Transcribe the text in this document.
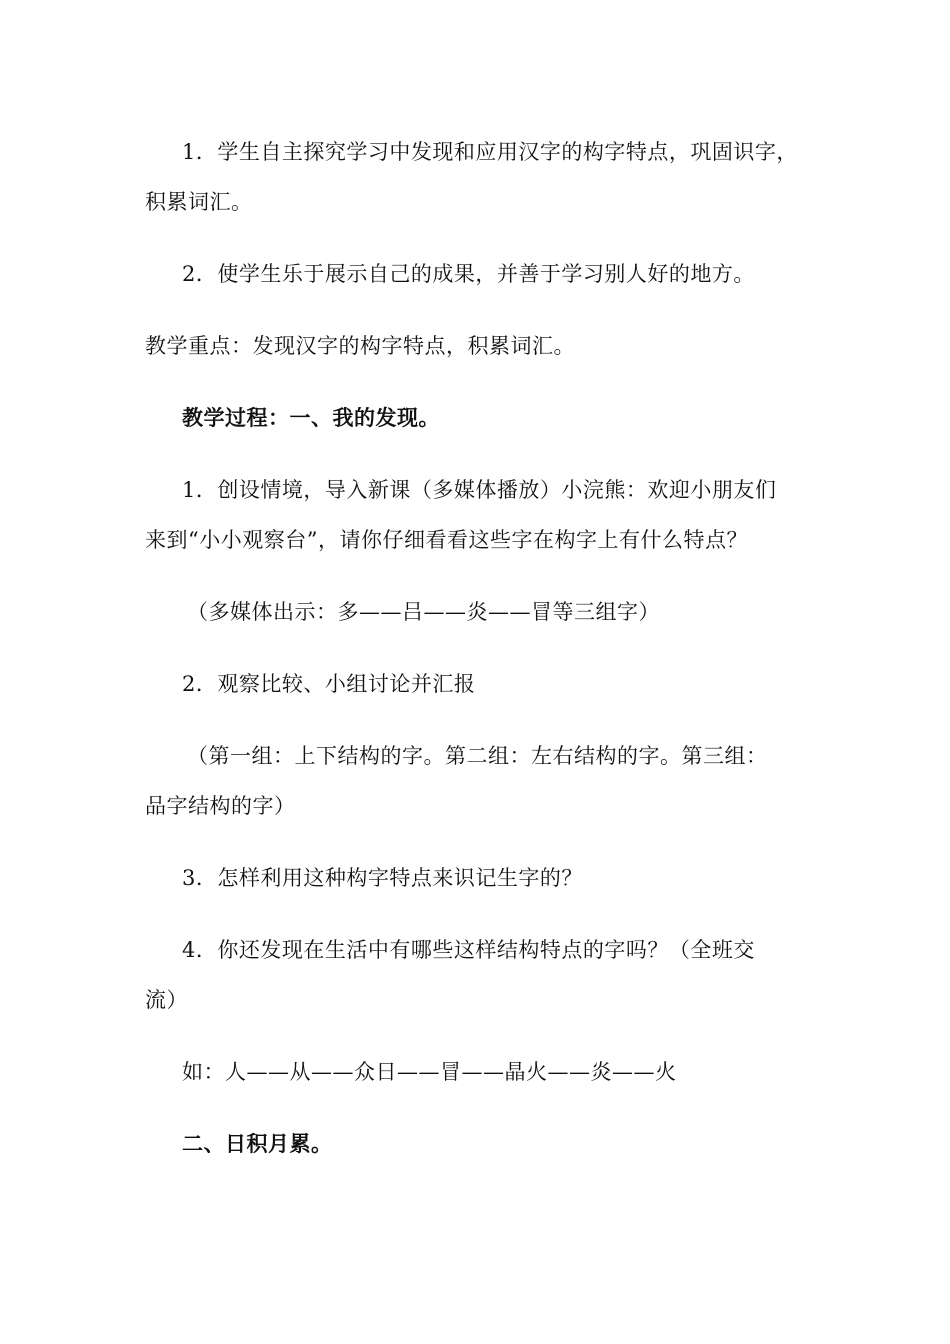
1．学生自主探究学习中发现和应用汉字的构字特点，巩固识字，
积累词汇。
2．使学生乐于展示自己的成果，并善于学习别人好的地方。
教学重点：发现汉字的构字特点，积累词汇。
教学过程：一、我的发现。
1．创设情境，导入新课（多媒体播放）小浣熊：欢迎小朋友们
来到“小小观察台”，请你仔细看看这些字在构字上有什么特点？
（多媒体出示：多——吕——炎——冒等三组字）
2．观察比较、小组讨论并汇报
（第一组：上下结构的字。第二组：左右结构的字。第三组：
品字结构的字）
3．怎样利用这种构字特点来识记生字的？
4．你还发现在生活中有哪些这样结构特点的字吗？（全班交
流）
如：人——从——众日——冒——晶火——炎——火
二、日积月累。
